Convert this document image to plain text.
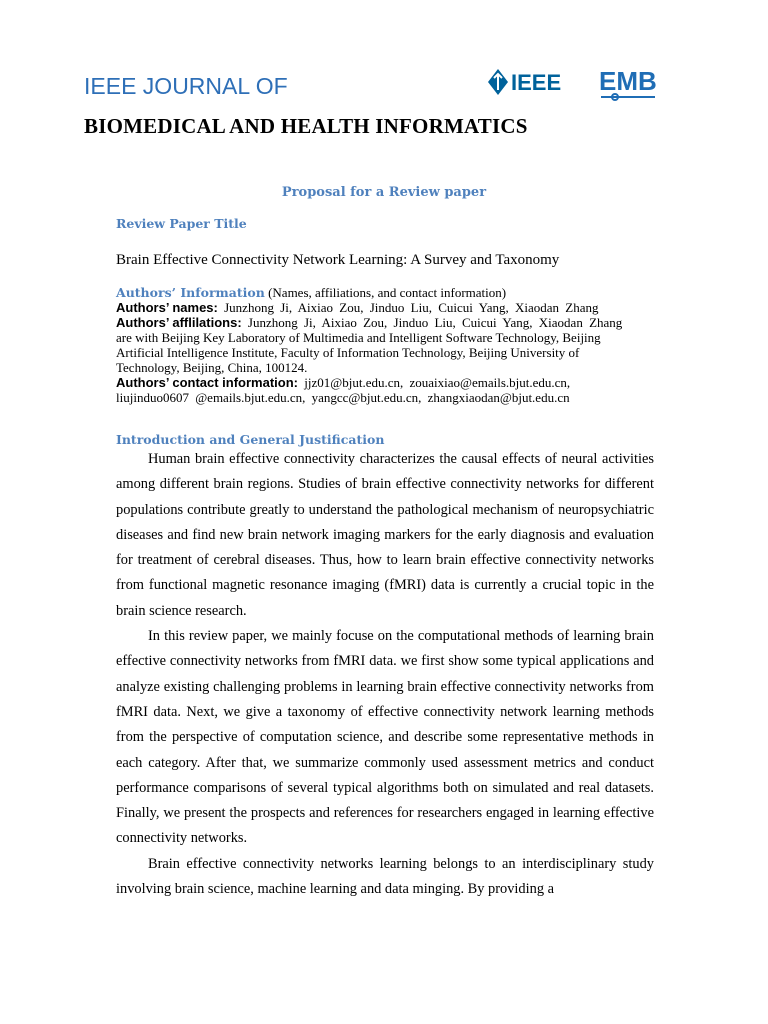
IEEE JOURNAL OF
BIOMEDICAL AND HEALTH INFORMATICS
IEEE EMB
Proposal for a Review paper
Review Paper Title
Brain Effective Connectivity Network Learning: A Survey and Taxonomy
Authors’ Information (Names, affiliations, and contact information)
Authors’ names: Junzhong Ji, Aixiao Zou, Jinduo Liu, Cuicui Yang, Xiaodan Zhang
Authors’ afflilations: Junzhong Ji, Aixiao Zou, Jinduo Liu, Cuicui Yang, Xiaodan Zhang
are with Beijing Key Laboratory of Multimedia and Intelligent Software Technology, Beijing
Artificial Intelligence Institute, Faculty of Information Technology, Beijing University of
Technology, Beijing, China, 100124.
Authors’ contact information: jjz01@bjut.edu.cn, zouaixiao@emails.bjut.edu.cn,
liujinduo0607 @emails.bjut.edu.cn, yangcc@bjut.edu.cn, zhangxiaodan@bjut.edu.cn
Introduction and General Justification

Human brain effective connectivity characterizes the causal effects of neural activities among different brain regions. Studies of brain effective connectivity networks for different populations contribute greatly to understand the pathological mechanism of neuropsychiatric diseases and find new brain network imaging markers for the early diagnosis and evaluation for treatment of cerebral diseases. Thus, how to learn brain effective connectivity networks from functional magnetic resonance imaging (fMRI) data is currently a crucial topic in the brain science research.

In this review paper, we mainly focuse on the computational methods of learning brain effective connectivity networks from fMRI data. we first show some typical applications and analyze existing challenging problems in learning brain effective connectivity networks from fMRI data. Next, we give a taxonomy of effective connectivity network learning methods from the perspective of computation science, and describe some representative methods in each category. After that, we summarize commonly used assessment metrics and conduct performance comparisons of several typical algorithms both on simulated and real datasets. Finally, we present the prospects and references for researchers engaged in learning effective connectivity networks.

Brain effective connectivity networks learning belongs to an interdisciplinary study involving brain science, machine learning and data minging. By providing a
